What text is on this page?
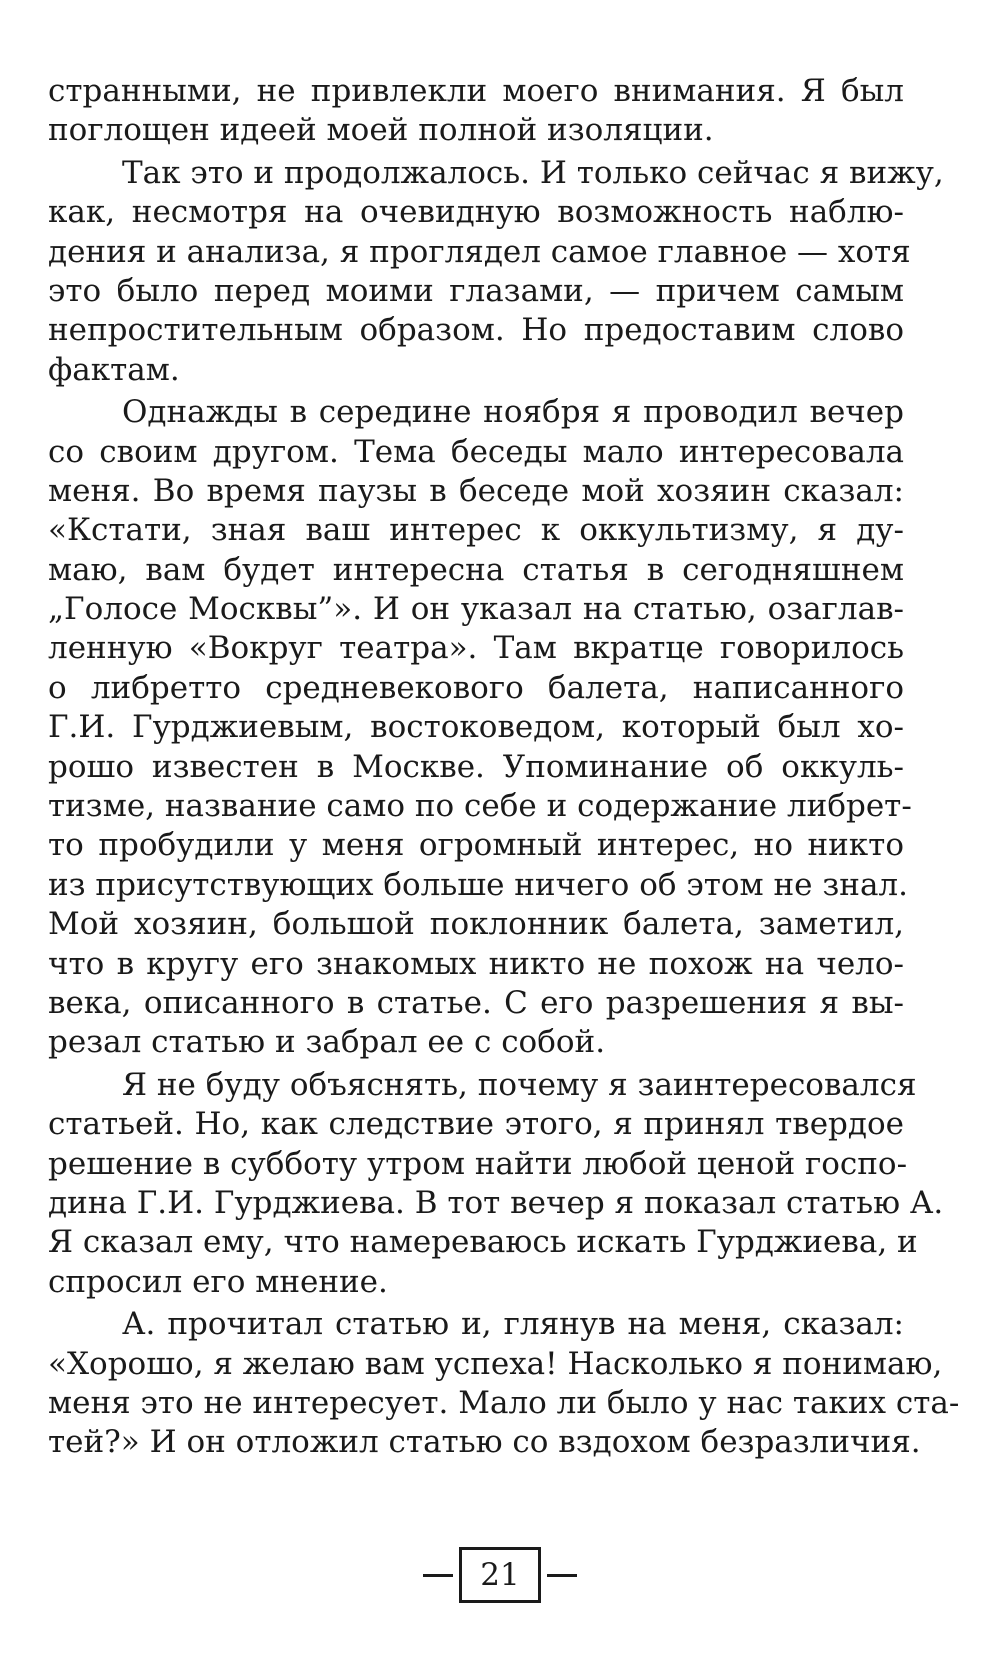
странными, не привлекли моего внимания. Я был
поглощен идеей моей полной изоляции.
Так это и продолжалось. И только сейчас я вижу,
как, несмотря на очевидную возможность наблю-
дения и анализа, я проглядел самое главное — хотя
это было перед моими глазами, — причем самым
непростительным образом. Но предоставим слово
фактам.
Однажды в середине ноября я проводил вечер
со своим другом. Тема беседы мало интересовала
меня. Во время паузы в беседе мой хозяин сказал:
«Кстати, зная ваш интерес к оккультизму, я ду-
маю, вам будет интересна статья в сегодняшнем
„Голосе Москвы”». И он указал на статью, озаглав-
ленную «Вокруг театра». Там вкратце говорилось
о либретто средневекового балета, написанного
Г.И. Гурджиевым, востоковедом, который был хо-
рошо известен в Москве. Упоминание об оккуль-
тизме, название само по себе и содержание либрет-
то пробудили у меня огромный интерес, но никто
из присутствующих больше ничего об этом не знал.
Мой хозяин, большой поклонник балета, заметил,
что в кругу его знакомых никто не похож на чело-
века, описанного в статье. С его разрешения я вы-
резал статью и забрал ее с собой.
Я не буду объяснять, почему я заинтересовался
статьей. Но, как следствие этого, я принял твердое
решение в субботу утром найти любой ценой госпо-
дина Г.И. Гурджиева. В тот вечер я показал статью А.
Я сказал ему, что намереваюсь искать Гурджиева, и
спросил его мнение.
А. прочитал статью и, глянув на меня, сказал:
«Хорошо, я желаю вам успеха! Насколько я понимаю,
меня это не интересует. Мало ли было у нас таких ста-
тей?» И он отложил статью со вздохом безразличия.
21
